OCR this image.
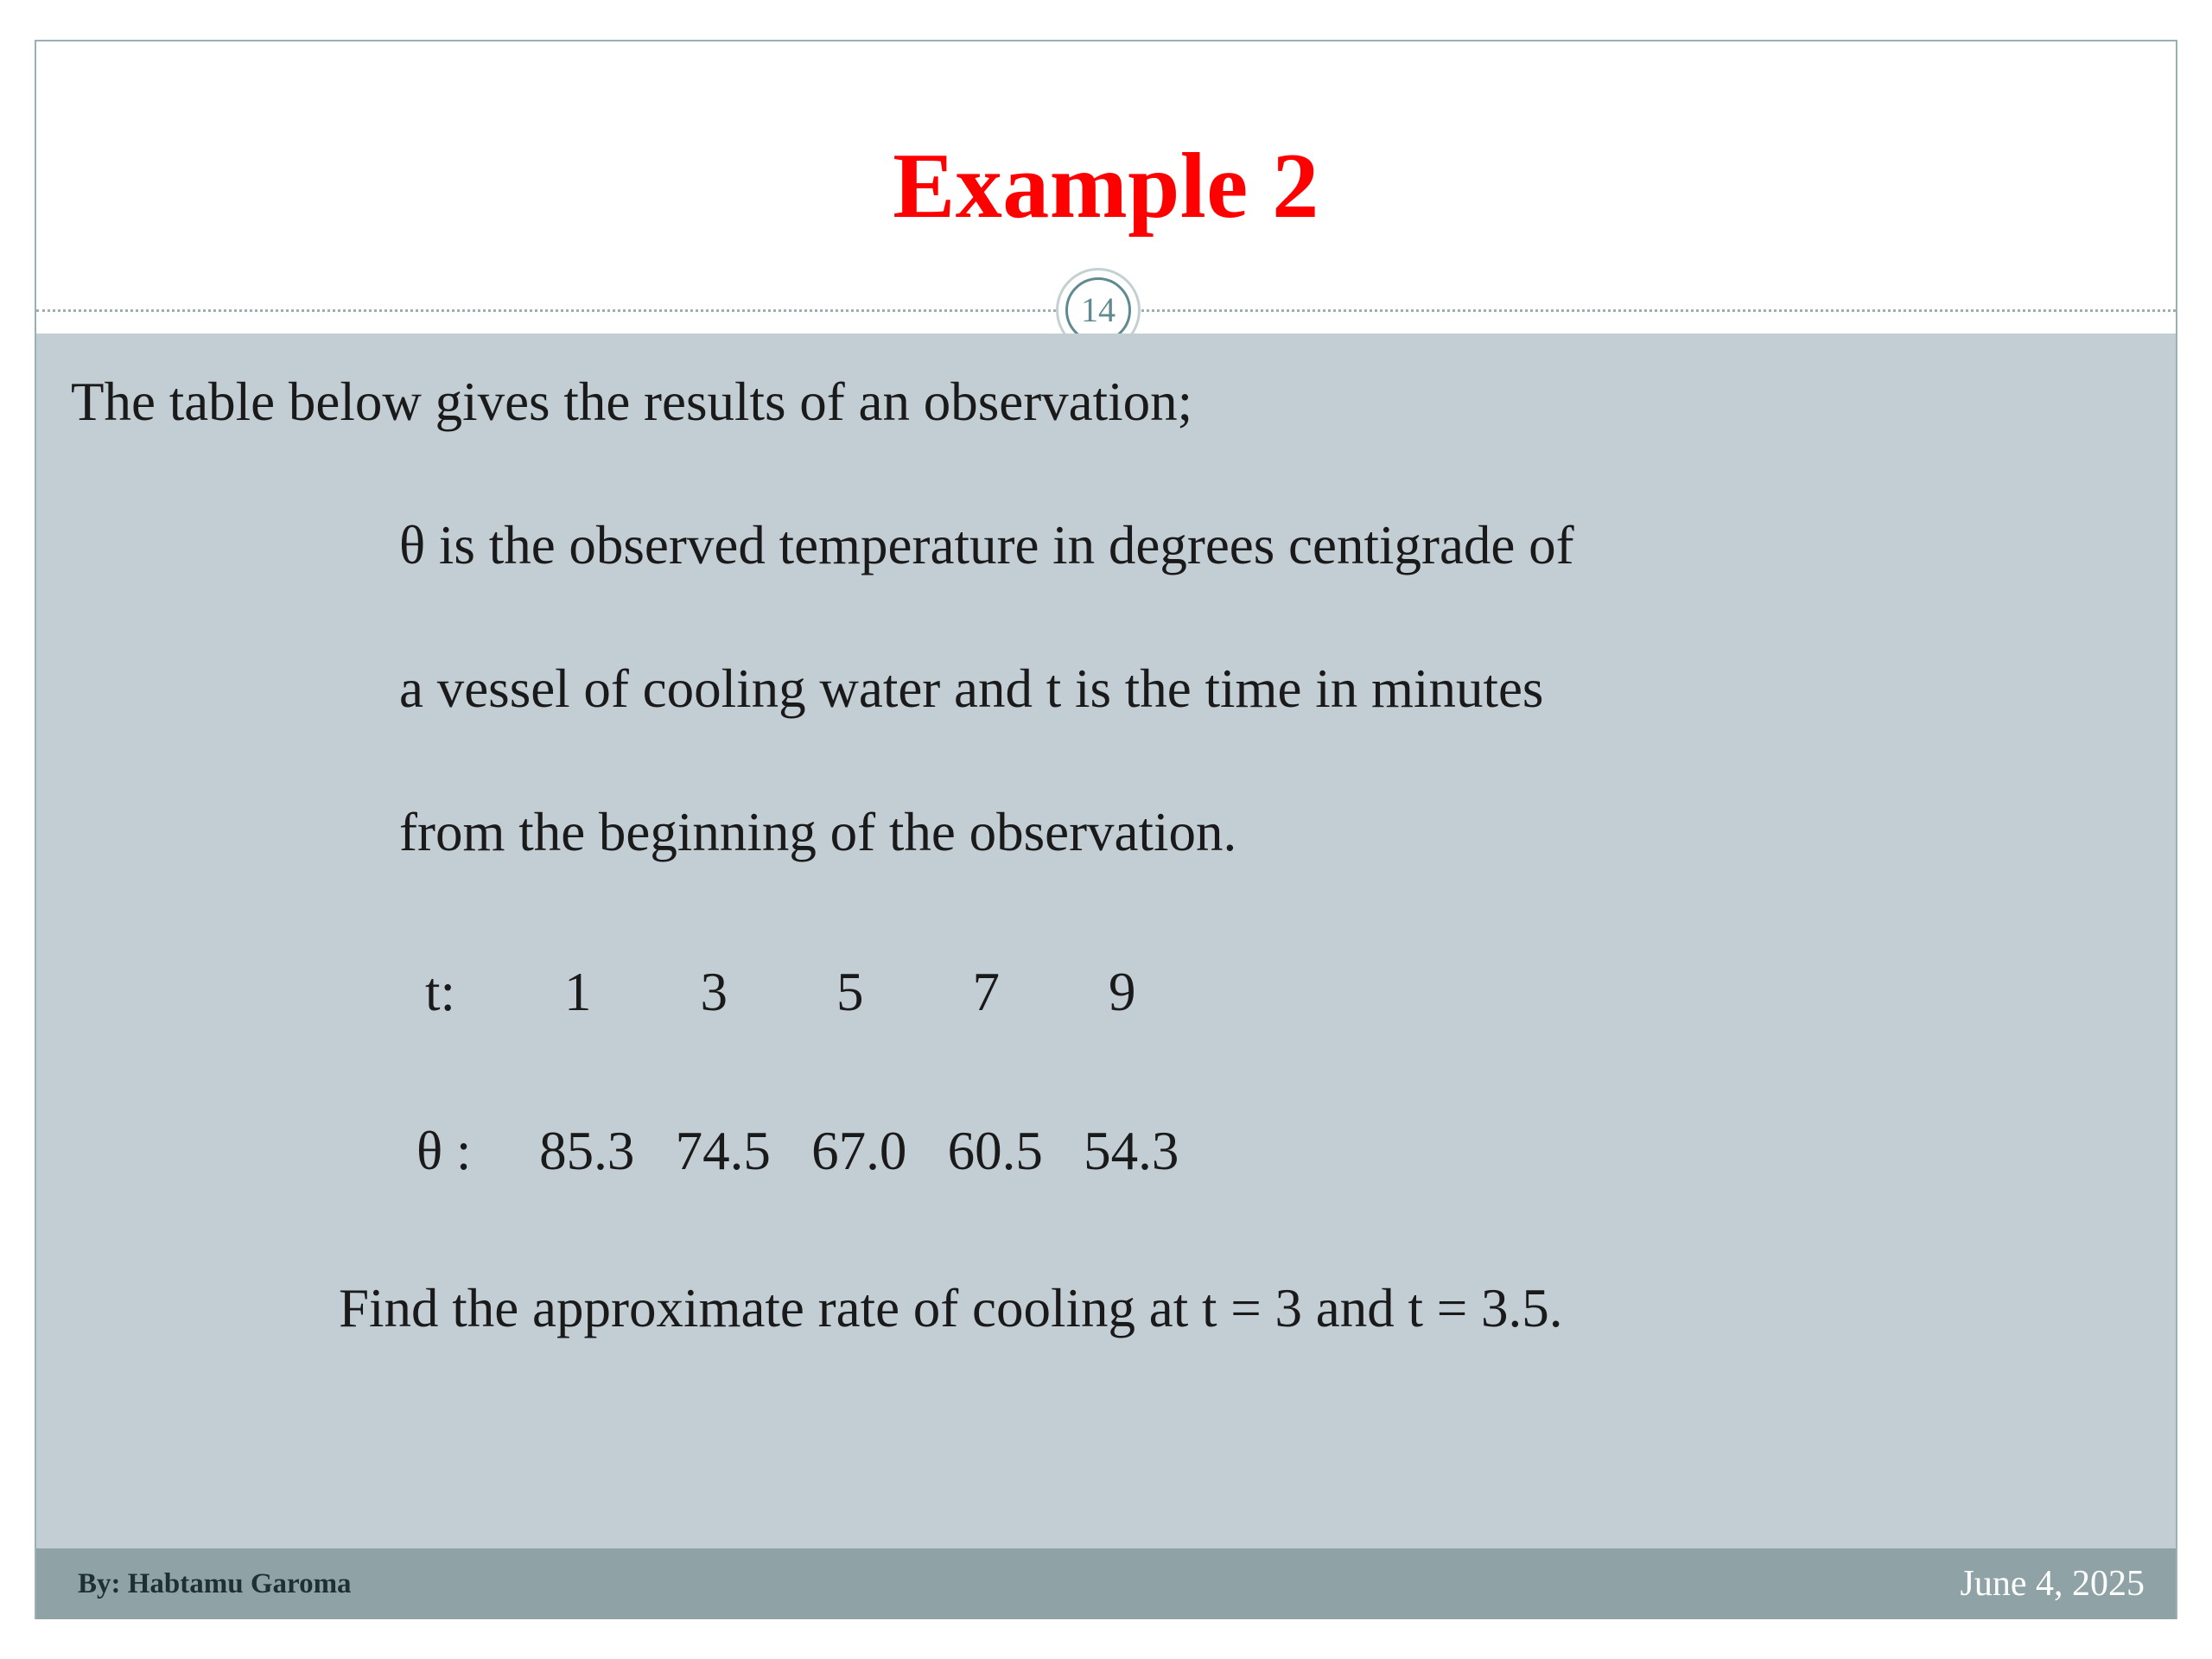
Example 2
14
The table below gives the results of an observation;
θ is the observed temperature in degrees centigrade of
a vessel of cooling water and t is the time in minutes
from the beginning of the observation.
t:        1        3        5        7        9
θ :     85.3   74.5   67.0   60.5   54.3
Find the approximate rate of cooling at t = 3 and t = 3.5.
By: Habtamu Garoma	June 4, 2025
